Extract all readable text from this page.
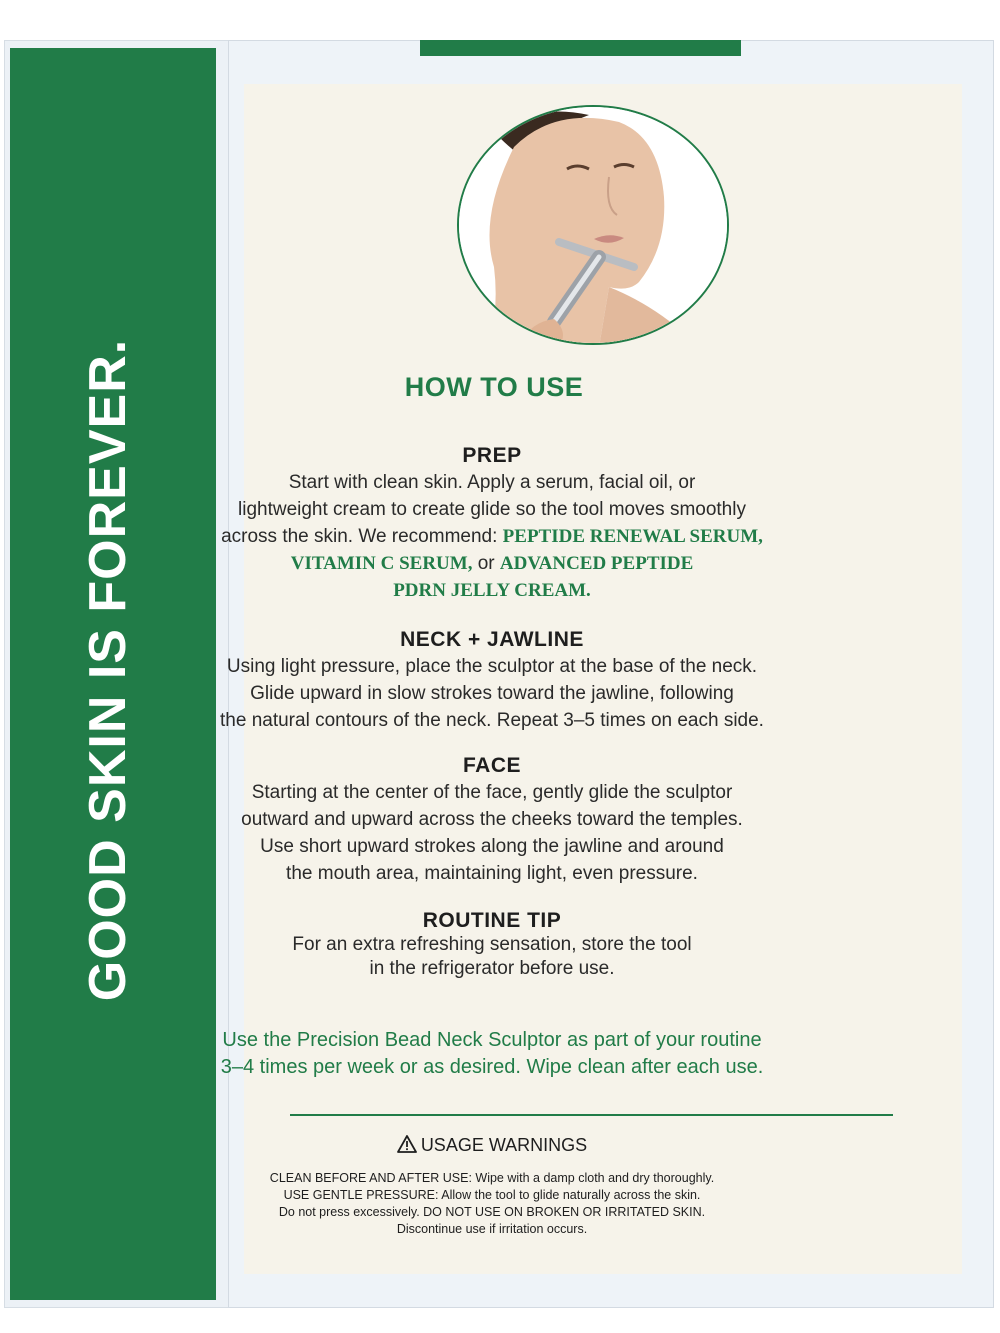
GOOD SKIN IS FOREVER.	HOW TO USE
PREP
Start with clean skin. Apply a serum, facial oil, or
lightweight cream to create glide so the tool moves smoothly
across the skin. We recommend: PEPTIDE RENEWAL SERUM,
VITAMIN C SERUM, or ADVANCED PEPTIDE
PDRN JELLY CREAM.
NECK + JAWLINE
Using light pressure, place the sculptor at the base of the neck.
Glide upward in slow strokes toward the jawline, following
the natural contours of the neck. Repeat 3–5 times on each side.
FACE
Starting at the center of the face, gently glide the sculptor
outward and upward across the cheeks toward the temples.
Use short upward strokes along the jawline and around
the mouth area, maintaining light, even pressure.
ROUTINE TIP
For an extra refreshing sensation, store the tool
in the refrigerator before use.
Use the Precision Bead Neck Sculptor as part of your routine
3–4 times per week or as desired. Wipe clean after each use.
USAGE WARNINGS
CLEAN BEFORE AND AFTER USE: Wipe with a damp cloth and dry thoroughly.
USE GENTLE PRESSURE: Allow the tool to glide naturally across the skin.
Do not press excessively. DO NOT USE ON BROKEN OR IRRITATED SKIN.
Discontinue use if irritation occurs.
